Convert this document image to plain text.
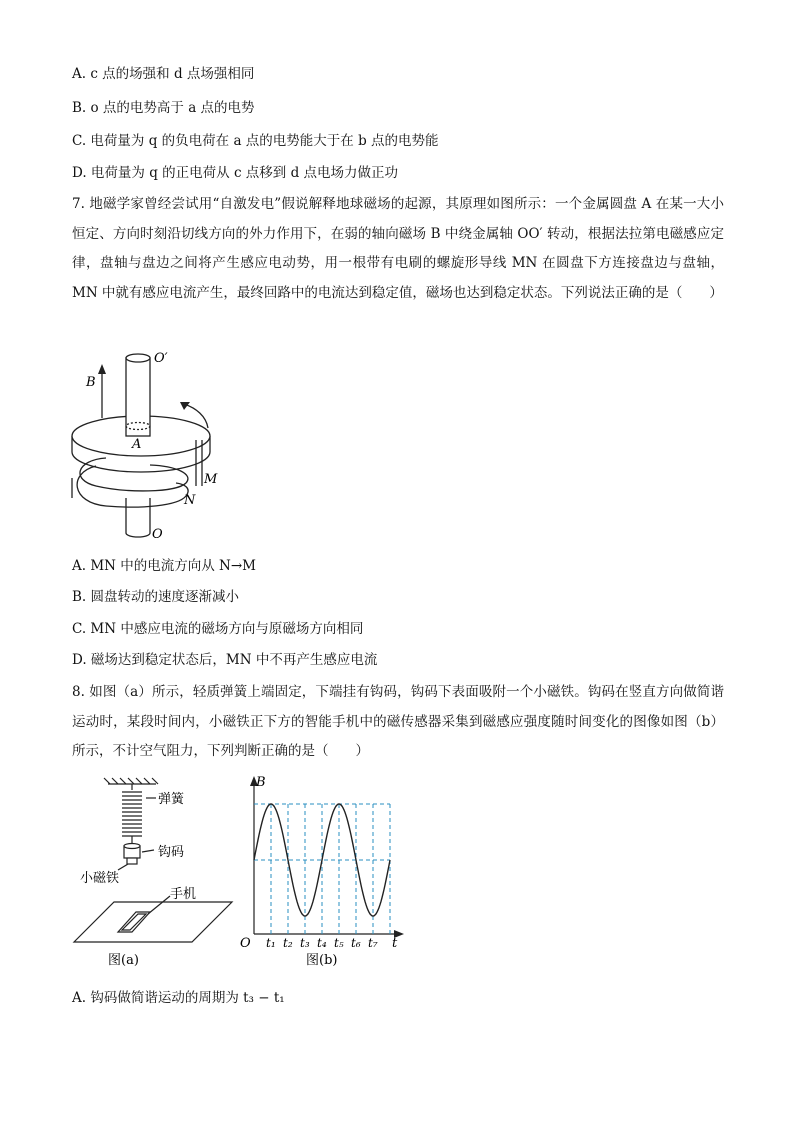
A. c 点的场强和 d 点场强相同
B. o 点的电势高于 a 点的电势
C. 电荷量为 q 的负电荷在 a 点的电势能大于在 b 点的电势能
D. 电荷量为 q 的正电荷从 c 点移到 d 点电场力做正功
7. 地磁学家曾经尝试用“自激发电”假说解释地球磁场的起源，其原理如图所示：一个金属圆盘 A 在某一大小恒定、方向时刻沿切线方向的外力作用下，在弱的轴向磁场 B 中绕金属轴 OO′ 转动，根据法拉第电磁感应定律，盘轴与盘边之间将产生感应电动势，用一根带有电刷的螺旋形导线 MN 在圆盘下方连接盘边与盘轴，MN 中就有感应电流产生，最终回路中的电流达到稳定值，磁场也达到稳定状态。下列说法正确的是（　　）
O′
B
A
M
N
O
A. MN 中的电流方向从 N→M
B. 圆盘转动的速度逐渐减小
C. MN 中感应电流的磁场方向与原磁场方向相同
D. 磁场达到稳定状态后，MN 中不再产生感应电流
8. 如图（a）所示，轻质弹簧上端固定，下端挂有钩码，钩码下表面吸附一个小磁铁。钩码在竖直方向做简谐运动时，某段时间内，小磁铁正下方的智能手机中的磁传感器采集到磁感应强度随时间变化的图像如图（b）所示，不计空气阻力，下列判断正确的是（　　）
弹簧
钩码
小磁铁
手机
图(a)
B
t
O t₁ t₂ t₃ t₄ t₅ t₆ t₇
图(b)
A. 钩码做简谐运动的周期为 t₃ − t₁
